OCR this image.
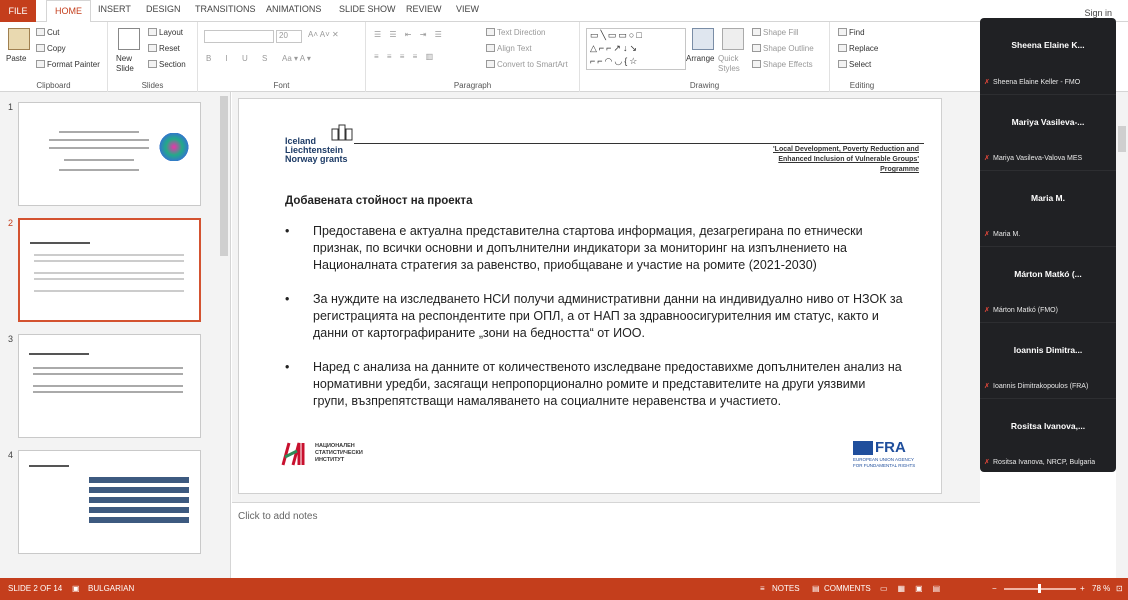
FILE	HOME	INSERT DESIGN TRANSITIONS ANIMATIONS SLIDE SHOW REVIEW VIEW	Sign in
Paste
Cut
Copy
Format Painter
Clipboard
New Slide
Layout
Reset
Section
Slides
20	A˄ A˅ ✕
B I U S Aa ▾ A ▾
Font
☰ ☰ ⇤ ⇥ ☰
≡ ≡ ≡ ≡ ▥
Text Direction
Align Text
Convert to SmartArt
Paragraph
▭╲▭▭○□ △⌐⌐↗↓↘ ⌐⌐◠◡{☆	Arrange Quick Styles
Shape Fill
Shape Outline
Shape Effects
Drawing
Find
Replace
Select
Editing
1
2
3
4
Iceland
Liechtenstein
Norway grants
'Local Development, Poverty Reduction and
Enhanced Inclusion of Vulnerable Groups'
Programme
Добавената стойност на проекта
• Предоставена е актуална представителна стартова информация, дезагрегирана по етнически признак, по всички основни и допълнителни индикатори за мониторинг на изпълнението на Националната стратегия за равенство, приобщаване и участие на ромите (2021-2030)
• За нуждите на изследването НСИ получи административни данни на индивидуално ниво от НЗОК за регистрацията на респондентите при ОПЛ, а от НАП за здравноосигурителния им статус, както и данни от картографираните „зони на бедността“ от ИОО.
• Наред с анализа на данните от количественото изследване предоставихме допълнителен анализ на нормативни уредби, засягащи непропорционално ромите и представителите на други уязвими групи, възпрепятстващи намаляването на социалните неравенства и участието.
НАЦИОНАЛЕН
СТАТИСТИЧЕСКИ
ИНСТИТУТ
FRA
EUROPEAN UNION AGENCY
FOR FUNDAMENTAL RIGHTS
Click to add notes
Sheena Elaine K...
✗ Sheena Elaine Keller - FMO
Mariya Vasileva-...
✗ Mariya Vasileva-Valova MES
Maria M.
✗ Maria M.
Márton Matkó (...
✗ Márton Matkó (FMO)
Ioannis Dimitra...
✗ Ioannis Dimitrakopoulos (FRA)
Rositsa Ivanova,...
✗ Rositsa Ivanova, NRCP, Bulgaria
SLIDE 2 OF 14 ▣ BULGARIAN	≡ NOTES ▤ COMMENTS ▭▦▣▤	−	+ 78 % ⊡
